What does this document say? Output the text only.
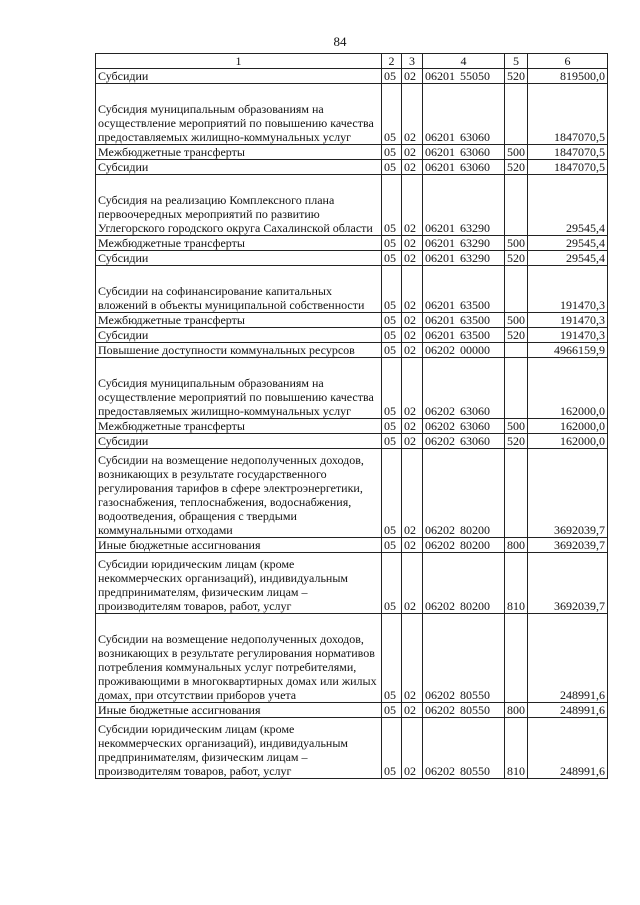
84
1	2	3	4	5	6
Субсидии	05	02	06201 55050	520	819500,0
Субсидия муниципальным образованиям на осуществление мероприятий по повышению качества предоставляемых жилищно-коммунальных услуг	05	02	06201 63060		1847070,5
Межбюджетные трансферты	05	02	06201 63060	500	1847070,5
Субсидии	05	02	06201 63060	520	1847070,5
Субсидия на реализацию Комплексного плана первоочередных мероприятий по развитию Углегорского городского округа Сахалинской области	05	02	06201 63290		29545,4
Межбюджетные трансферты	05	02	06201 63290	500	29545,4
Субсидии	05	02	06201 63290	520	29545,4
Субсидии на софинансирование капитальных вложений в объекты муниципальной собственности	05	02	06201 63500		191470,3
Межбюджетные трансферты	05	02	06201 63500	500	191470,3
Субсидии	05	02	06201 63500	520	191470,3
Повышение доступности коммунальных ресурсов	05	02	06202 00000		4966159,9
Субсидия муниципальным образованиям на осуществление мероприятий по повышению качества предоставляемых жилищно-коммунальных услуг	05	02	06202 63060		162000,0
Межбюджетные трансферты	05	02	06202 63060	500	162000,0
Субсидии	05	02	06202 63060	520	162000,0
Субсидии на возмещение недополученных доходов, возникающих в результате государственного регулирования тарифов в сфере электроэнергетики, газоснабжения, теплоснабжения, водоснабжения, водоотведения, обращения с твердыми коммунальными отходами	05	02	06202 80200		3692039,7
Иные бюджетные ассигнования	05	02	06202 80200	800	3692039,7
Субсидии юридическим лицам (кроме некоммерческих организаций), индивидуальным предпринимателям, физическим лицам – производителям товаров, работ, услуг	05	02	06202 80200	810	3692039,7
Субсидии на возмещение недополученных доходов, возникающих в результате регулирования нормативов потребления коммунальных услуг потребителями, проживающими в многоквартирных домах или жилых домах, при отсутствии приборов учета	05	02	06202 80550		248991,6
Иные бюджетные ассигнования	05	02	06202 80550	800	248991,6
Субсидии юридическим лицам (кроме некоммерческих организаций), индивидуальным предпринимателям, физическим лицам – производителям товаров, работ, услуг	05	02	06202 80550	810	248991,6
